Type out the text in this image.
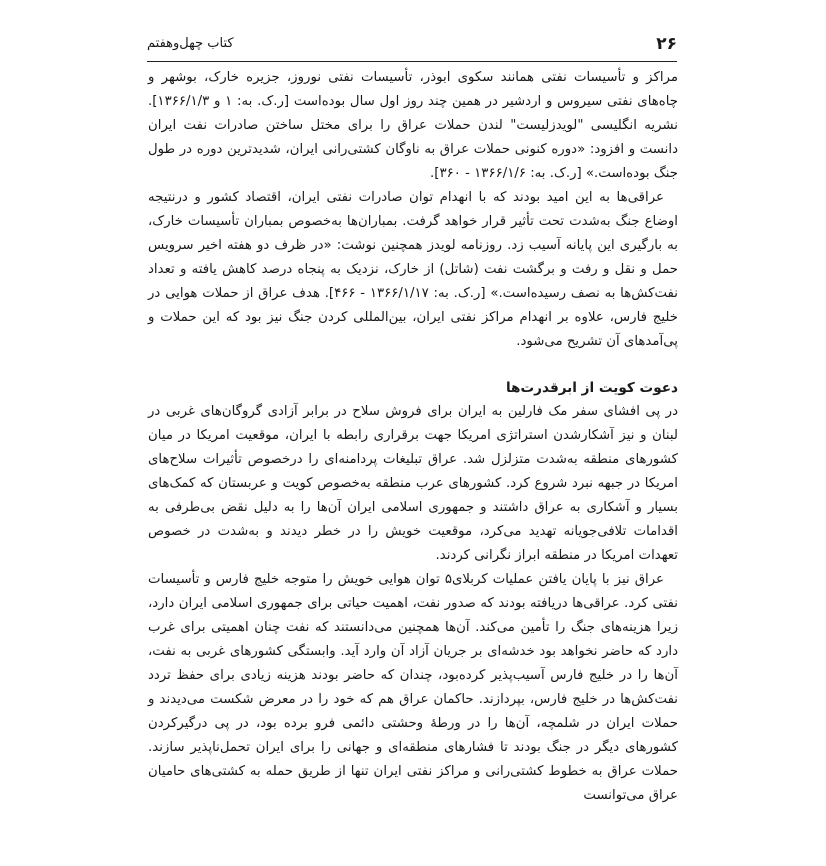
۲۶
کتاب چهل‌وهفتم

مراکز و تأسیسات نفتی همانند سکوی ابوذر، تأسیسات نفتی نوروز، جزیره خارک، بوشهر و چاه‌های نفتی سیروس و اردشیر در همین چند روز اول سال بوده‌است [ر.ک. به: ۱ و ۱۳۶۶/۱/۳]. نشریه انگلیسی "لویدزلیست" لندن حملات عراق را برای مختل ساختن صادرات نفت ایران دانست و افزود: «دوره کنونی حملات عراق به ناوگان کشتی‌رانی ایران، شدیدترین دوره در طول جنگ بوده‌است.» [ر.ک. به: ۱۳۶۶/۱/۶ - ۳۶۰].

عراقی‌ها به این امید بودند که با انهدام توان صادرات نفتی ایران، اقتصاد کشور و درنتیجه اوضاع جنگ به‌شدت تحت تأثیر قرار خواهد گرفت. بمباران‌ها به‌خصوص بمباران تأسیسات خارک، به بارگیری این پایانه آسیب زد. روزنامه لویدز همچنین نوشت: «در ظرف دو هفته اخیر سرویس حمل و نقل و رفت و برگشت نفت (شاتل) از خارک، نزدیک به پنجاه درصد کاهش یافته و تعداد نفت‌کش‌ها به نصف رسیده‌است.» [ر.ک. به: ۱۳۶۶/۱/۱۷ - ۴۶۶]. هدف عراق از حملات هوایی در خلیج فارس، علاوه بر انهدام مراکز نفتی ایران، بین‌المللی کردن جنگ نیز بود که این حملات و پی‌آمدهای آن تشریح می‌شود.

دعوت کویت از ابرقدرت‌ها

در پی افشای سفر مک فارلین به ایران برای فروش سلاح در برابر آزادی گروگان‌های غربی در لبنان و نیز آشکارشدن استراتژی امریکا جهت برقراری رابطه با ایران، موقعیت امریکا در میان کشورهای منطقه به‌شدت متزلزل شد. عراق تبلیغات پردامنه‌ای را درخصوص تأثیرات سلاح‌های امریکا در جبهه نبرد شروع کرد. کشورهای عرب منطقه به‌خصوص کویت و عربستان که کمک‌های بسیار و آشکاری به عراق داشتند و جمهوری اسلامی ایران آن‌ها را به دلیل نقض بی‌طرفی به اقدامات تلافی‌جویانه تهدید می‌کرد، موقعیت خویش را در خطر دیدند و به‌شدت در خصوص تعهدات امریکا در منطقه ابراز نگرانی کردند.

عراق نیز با پایان یافتن عملیات کربلای۵ توان هوایی خویش را متوجه خلیج فارس و تأسیسات نفتی کرد. عراقی‌ها دریافته بودند که صدور نفت، اهمیت حیاتی برای جمهوری اسلامی ایران دارد، زیرا هزینه‌های جنگ را تأمین می‌کند. آن‌ها همچنین می‌دانستند که نفت چنان اهمیتی برای غرب دارد که حاضر نخواهد بود خدشه‌ای بر جریان آزاد آن وارد آید. وابستگی کشورهای غربی به نفت، آن‌ها را در خلیج فارس آسیب‌پذیر کرده‌بود، چندان که حاضر بودند هزینه زیادی برای حفظ تردد نفت‌کش‌ها در خلیج فارس، بپردازند. حاکمان عراق هم که خود را در معرض شکست می‌دیدند و حملات ایران در شلمچه، آن‌ها را در ورطهٔ وحشتی دائمی فرو برده بود، در پی درگیرکردن کشورهای دیگر در جنگ بودند تا فشارهای منطقه‌ای و جهانی را برای ایران تحمل‌ناپذیر سازند. حملات عراق به خطوط کشتی‌رانی و مراکز نفتی ایران تنها از طریق حمله به کشتی‌های حامیان عراق می‌توانست
